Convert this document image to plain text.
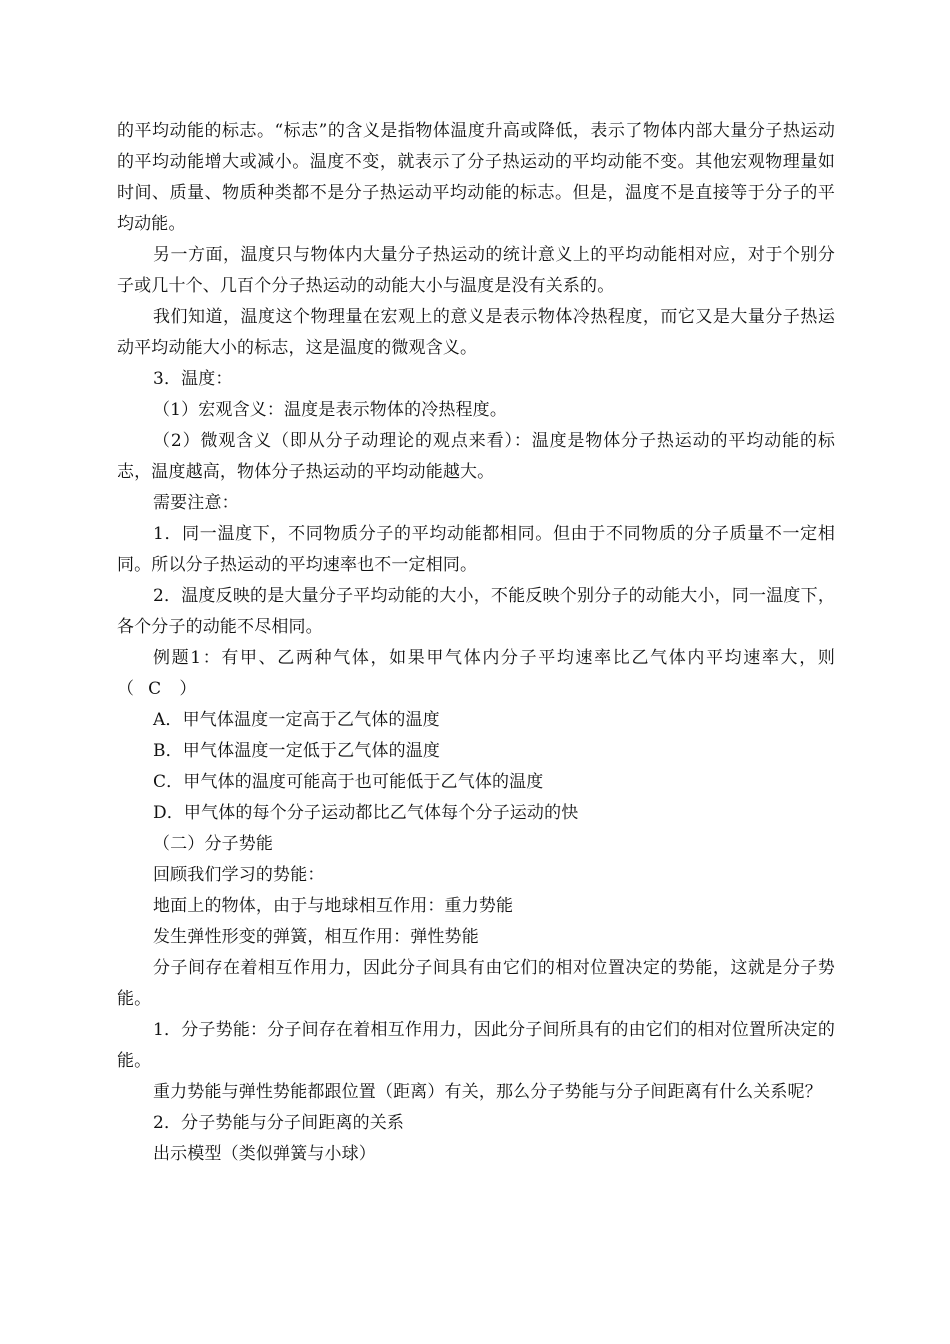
的平均动能的标志。“标志”的含义是指物体温度升高或降低，表示了物体内部大量分子热运动的平均动能增大或减小。温度不变，就表示了分子热运动的平均动能不变。其他宏观物理量如时间、质量、物质种类都不是分子热运动平均动能的标志。但是，温度不是直接等于分子的平均动能。

另一方面，温度只与物体内大量分子热运动的统计意义上的平均动能相对应，对于个别分子或几十个、几百个分子热运动的动能大小与温度是没有关系的。

我们知道，温度这个物理量在宏观上的意义是表示物体冷热程度，而它又是大量分子热运动平均动能大小的标志，这是温度的微观含义。

3．温度：

（1）宏观含义：温度是表示物体的冷热程度。

（2）微观含义（即从分子动理论的观点来看）：温度是物体分子热运动的平均动能的标志，温度越高，物体分子热运动的平均动能越大。

需要注意：

1．同一温度下，不同物质分子的平均动能都相同。但由于不同物质的分子质量不一定相同。所以分子热运动的平均速率也不一定相同。

2．温度反映的是大量分子平均动能的大小，不能反映个别分子的动能大小，同一温度下，各个分子的动能不尽相同。

例题1：有甲、乙两种气体，如果甲气体内分子平均速率比乙气体内平均速率大，则（ C ）

A．甲气体温度一定高于乙气体的温度

B．甲气体温度一定低于乙气体的温度

C．甲气体的温度可能高于也可能低于乙气体的温度

D．甲气体的每个分子运动都比乙气体每个分子运动的快

（二）分子势能

回顾我们学习的势能：

地面上的物体，由于与地球相互作用：重力势能

发生弹性形变的弹簧，相互作用：弹性势能

分子间存在着相互作用力，因此分子间具有由它们的相对位置决定的势能，这就是分子势能。

1．分子势能：分子间存在着相互作用力，因此分子间所具有的由它们的相对位置所决定的能。

重力势能与弹性势能都跟位置（距离）有关，那么分子势能与分子间距离有什么关系呢？

2．分子势能与分子间距离的关系

出示模型（类似弹簧与小球）
